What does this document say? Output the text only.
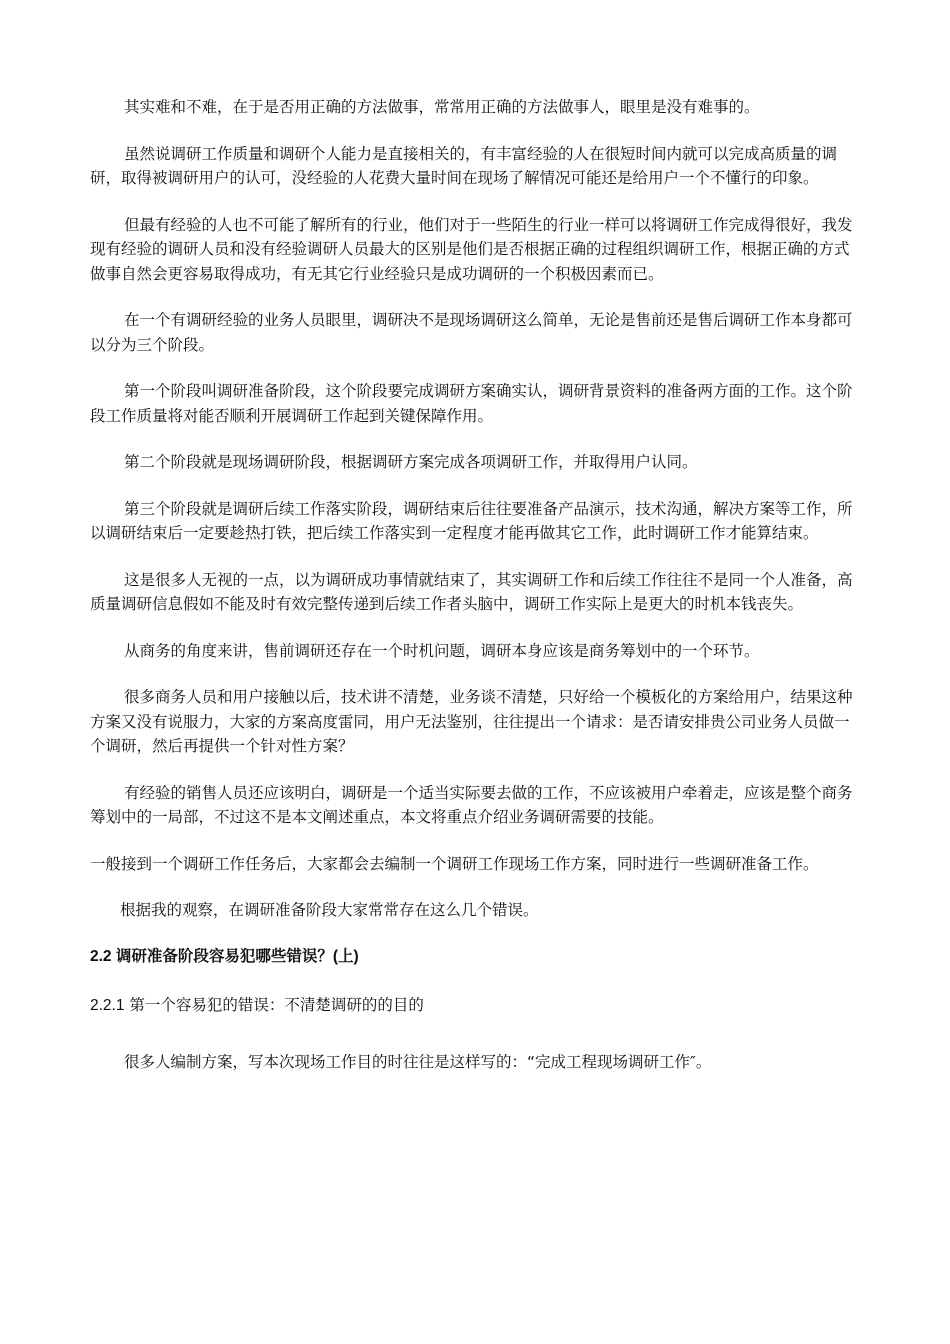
其实难和不难，在于是否用正确的方法做事，常常用正确的方法做事人，眼里是没有难事的。

虽然说调研工作质量和调研个人能力是直接相关的，有丰富经验的人在很短时间内就可以完成高质量的调研，取得被调研用户的认可，没经验的人花费大量时间在现场了解情况可能还是给用户一个不懂行的印象。

但最有经验的人也不可能了解所有的行业，他们对于一些陌生的行业一样可以将调研工作完成得很好，我发现有经验的调研人员和没有经验调研人员最大的区别是他们是否根据正确的过程组织调研工作，根据正确的方式做事自然会更容易取得成功，有无其它行业经验只是成功调研的一个积极因素而已。

在一个有调研经验的业务人员眼里，调研决不是现场调研这么简单，无论是售前还是售后调研工作本身都可以分为三个阶段。

第一个阶段叫调研准备阶段，这个阶段要完成调研方案确实认，调研背景资料的准备两方面的工作。这个阶段工作质量将对能否顺利开展调研工作起到关键保障作用。

第二个阶段就是现场调研阶段，根据调研方案完成各项调研工作，并取得用户认同。

第三个阶段就是调研后续工作落实阶段，调研结束后往往要准备产品演示，技术沟通，解决方案等工作，所以调研结束后一定要趁热打铁，把后续工作落实到一定程度才能再做其它工作，此时调研工作才能算结束。

这是很多人无视的一点，以为调研成功事情就结束了，其实调研工作和后续工作往往不是同一个人准备，高质量调研信息假如不能及时有效完整传递到后续工作者头脑中，调研工作实际上是更大的时机本钱丧失。

从商务的角度来讲，售前调研还存在一个时机问题，调研本身应该是商务筹划中的一个环节。

很多商务人员和用户接触以后，技术讲不清楚，业务谈不清楚，只好给一个模板化的方案给用户，结果这种方案又没有说服力，大家的方案高度雷同，用户无法鉴别，往往提出一个请求：是否请安排贵公司业务人员做一个调研，然后再提供一个针对性方案？

有经验的销售人员还应该明白，调研是一个适当实际要去做的工作，不应该被用户牵着走，应该是整个商务筹划中的一局部，不过这不是本文阐述重点，本文将重点介绍业务调研需要的技能。

一般接到一个调研工作任务后，大家都会去编制一个调研工作现场工作方案，同时进行一些调研准备工作。

根据我的观察，在调研准备阶段大家常常存在这么几个错误。

2.2 调研准备阶段容易犯哪些错误？(上)
2.2.1 第一个容易犯的错误：不清楚调研的的目的

很多人编制方案，写本次现场工作目的时往往是这样写的：“完成工程现场调研工作″。
